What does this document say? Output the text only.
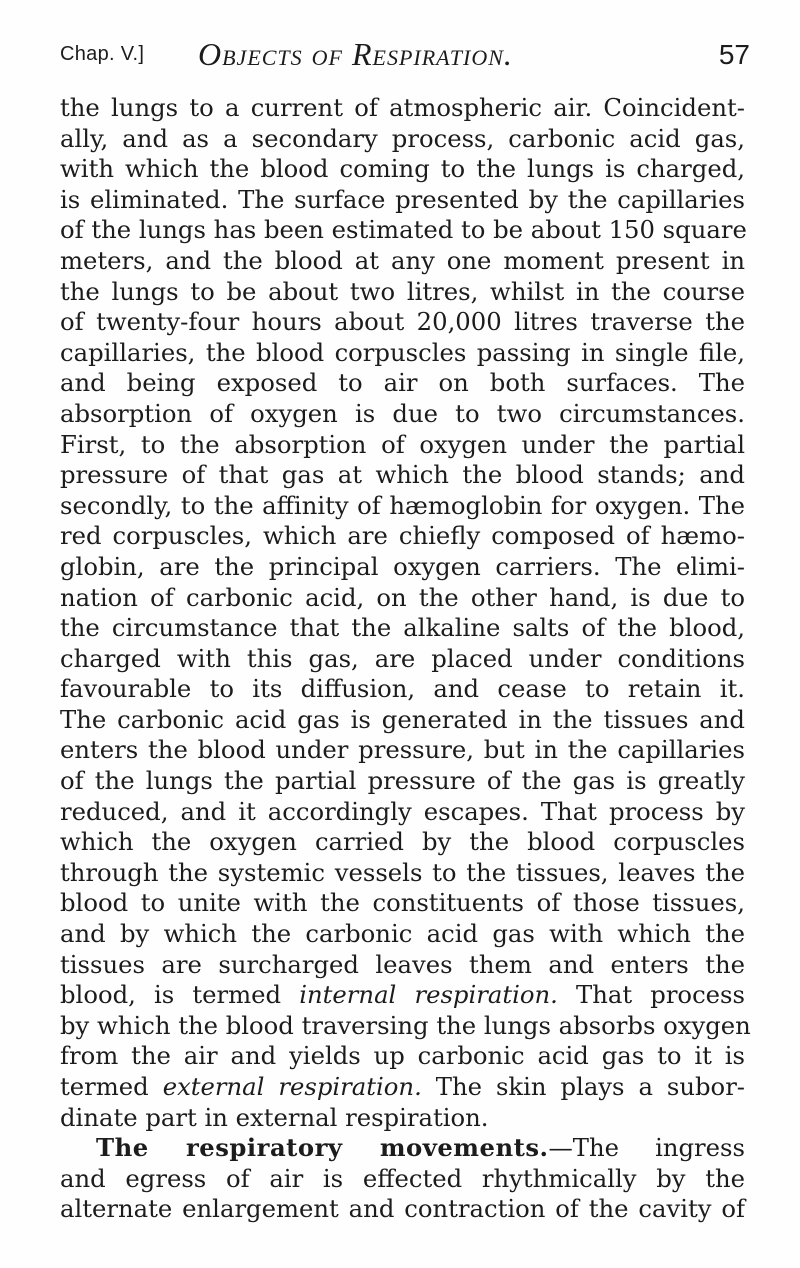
Chap. V.] Objects of Respiration.	57
the lungs to a current of atmospheric air. Coincident-
ally, and as a secondary process, carbonic acid gas,
with which the blood coming to the lungs is charged,
is eliminated. The surface presented by the capillaries
of the lungs has been estimated to be about 150 square
meters, and the blood at any one moment present in
the lungs to be about two litres, whilst in the course
of twenty-four hours about 20,000 litres traverse the
capillaries, the blood corpuscles passing in single file,
and being exposed to air on both surfaces. The
absorption of oxygen is due to two circumstances.
First, to the absorption of oxygen under the partial
pressure of that gas at which the blood stands; and
secondly, to the affinity of hæmoglobin for oxygen. The
red corpuscles, which are chiefly composed of hæmo-
globin, are the principal oxygen carriers. The elimi-
nation of carbonic acid, on the other hand, is due to
the circumstance that the alkaline salts of the blood,
charged with this gas, are placed under conditions
favourable to its diffusion, and cease to retain it.
The carbonic acid gas is generated in the tissues and
enters the blood under pressure, but in the capillaries
of the lungs the partial pressure of the gas is greatly
reduced, and it accordingly escapes. That process by
which the oxygen carried by the blood corpuscles
through the systemic vessels to the tissues, leaves the
blood to unite with the constituents of those tissues,
and by which the carbonic acid gas with which the
tissues are surcharged leaves them and enters the
blood, is termed internal respiration. That process
by which the blood traversing the lungs absorbs oxygen
from the air and yields up carbonic acid gas to it is
termed external respiration. The skin plays a subor-
dinate part in external respiration.
The respiratory movements.—The ingress
and egress of air is effected rhythmically by the
alternate enlargement and contraction of the cavity of
